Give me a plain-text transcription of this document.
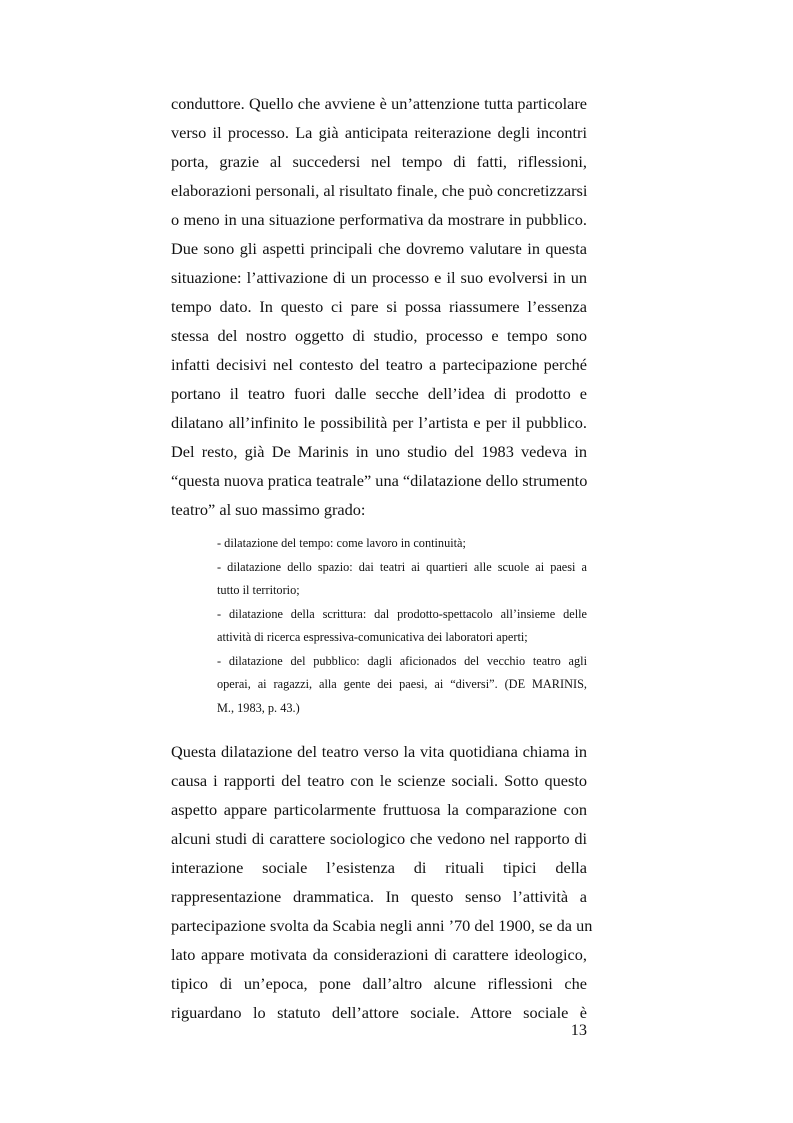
conduttore. Quello che avviene è un’attenzione tutta particolare
verso il processo. La già anticipata reiterazione degli incontri
porta, grazie al succedersi nel tempo di fatti, riflessioni,
elaborazioni personali, al risultato finale, che può concretizzarsi
o meno in una situazione performativa da mostrare in pubblico.
Due sono gli aspetti principali che dovremo valutare in questa
situazione: l’attivazione di un processo e il suo evolversi in un
tempo dato. In questo ci pare si possa riassumere l’essenza
stessa del nostro oggetto di studio, processo e tempo sono
infatti decisivi nel contesto del teatro a partecipazione perché
portano il teatro fuori dalle secche dell’idea di prodotto e
dilatano all’infinito le possibilità per l’artista e per il pubblico.
Del resto, già De Marinis in uno studio del 1983 vedeva in
“questa nuova pratica teatrale” una “dilatazione dello strumento
teatro” al suo massimo grado:
- dilatazione del tempo: come lavoro in continuità;
- dilatazione dello spazio: dai teatri ai quartieri alle scuole ai paesi a
tutto il territorio;
- dilatazione della scrittura: dal prodotto-spettacolo all’insieme delle
attività di ricerca espressiva-comunicativa dei laboratori aperti;
- dilatazione del pubblico: dagli aficionados del vecchio teatro agli
operai, ai ragazzi, alla gente dei paesi, ai “diversi”. (DE MARINIS,
M., 1983, p. 43.)
Questa dilatazione del teatro verso la vita quotidiana chiama in
causa i rapporti del teatro con le scienze sociali. Sotto questo
aspetto appare particolarmente fruttuosa la comparazione con
alcuni studi di carattere sociologico che vedono nel rapporto di
interazione sociale l’esistenza di rituali tipici della
rappresentazione drammatica. In questo senso l’attività a
partecipazione svolta da Scabia negli anni ’70 del 1900, se da un
lato appare motivata da considerazioni di carattere ideologico,
tipico di un’epoca, pone dall’altro alcune riflessioni che
riguardano lo statuto dell’attore sociale. Attore sociale è
13
